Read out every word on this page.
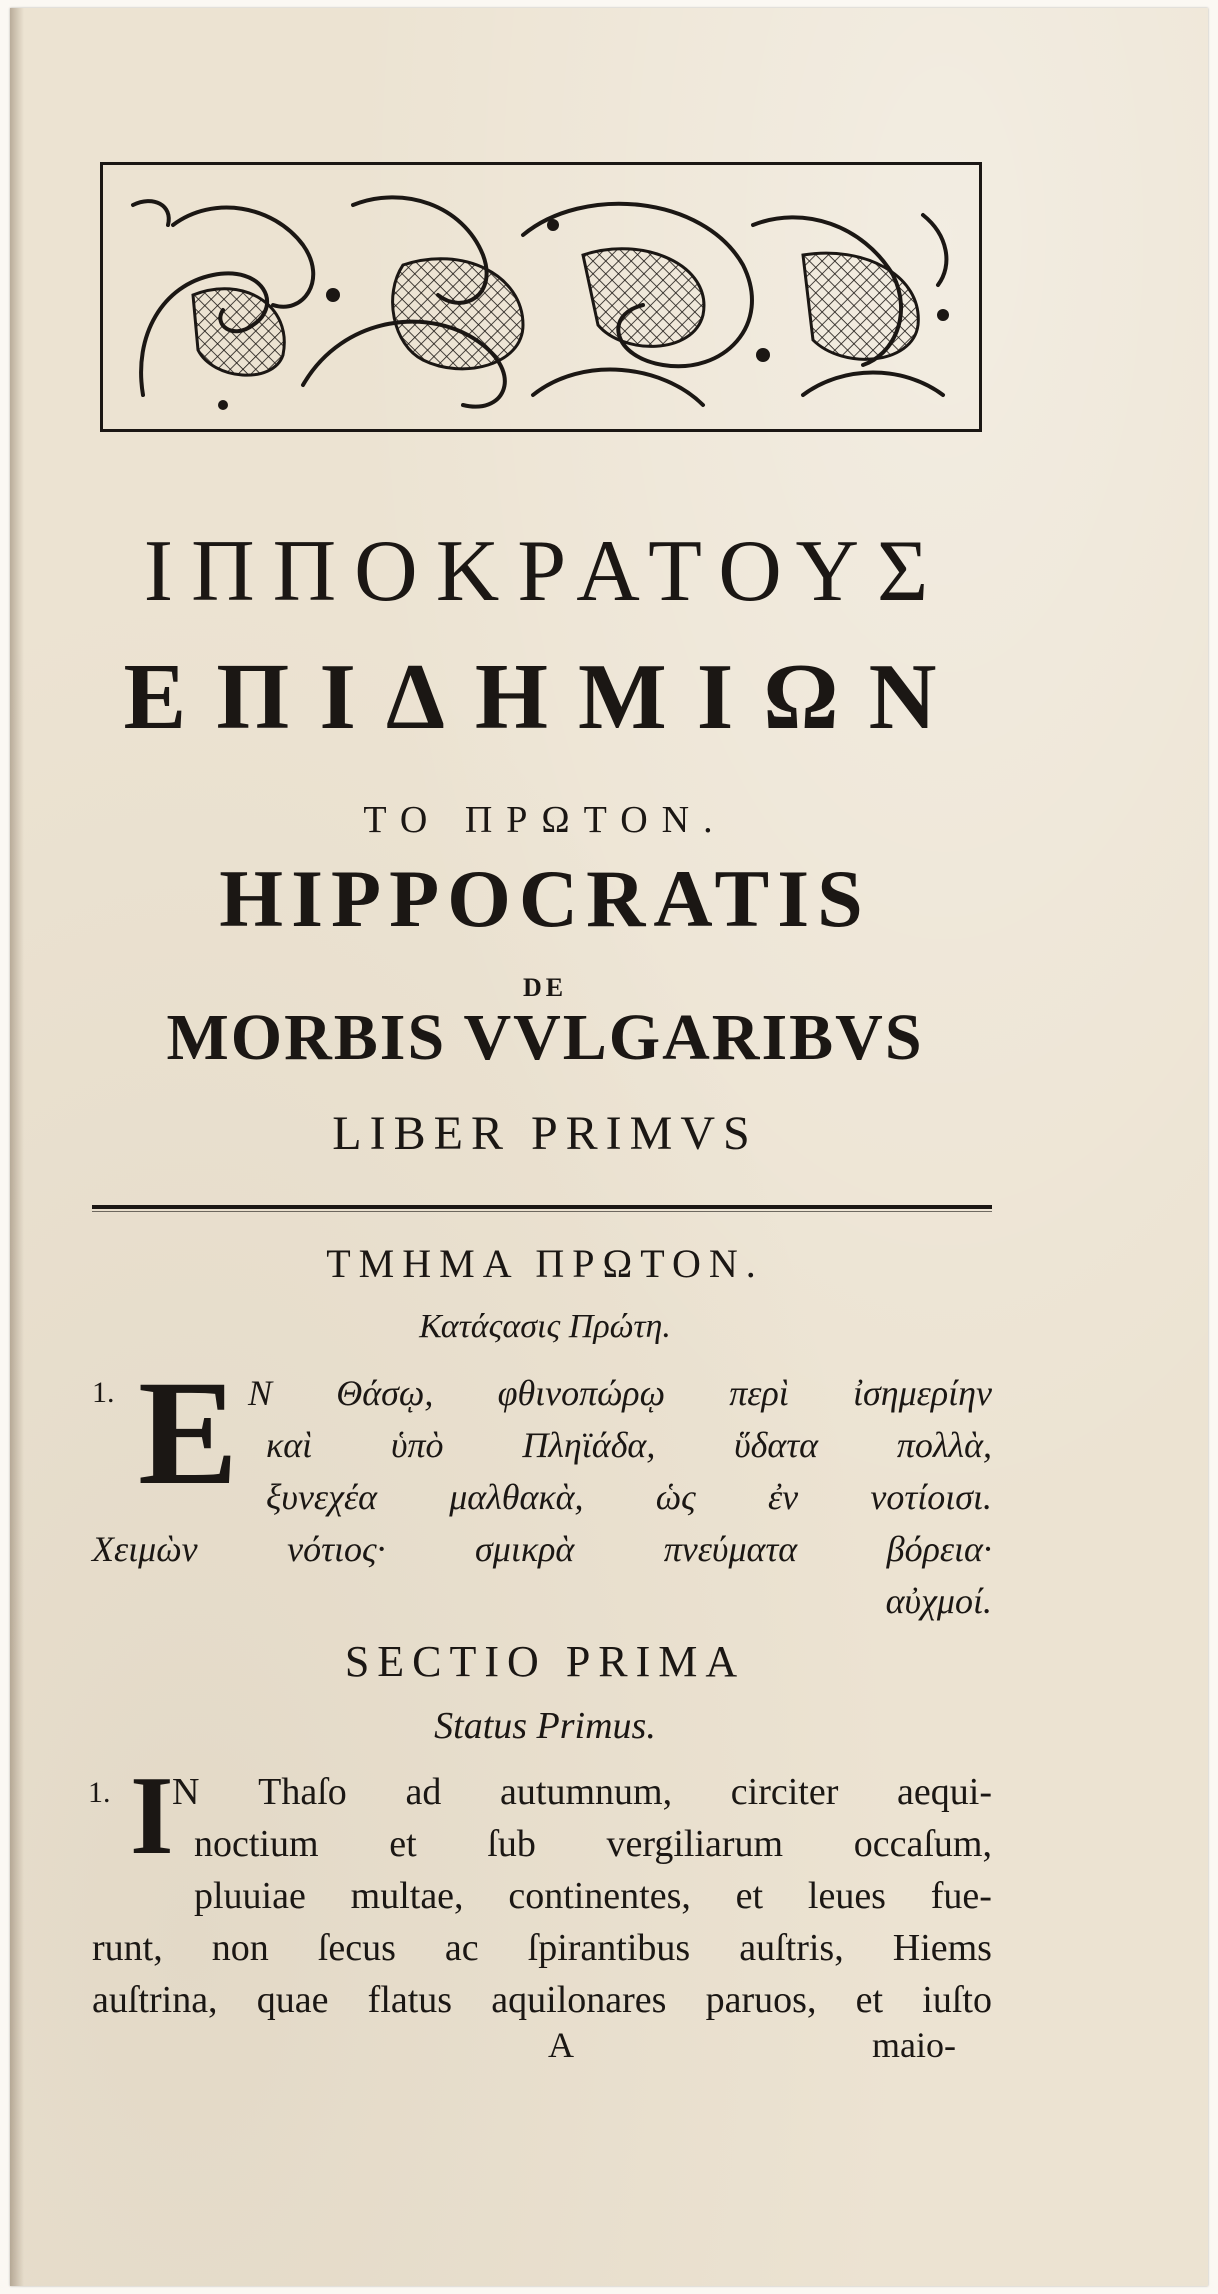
ΙΠΠΟΚΡΑΤΟΥΣ
ΕΠΙΔΗΜΙΩΝ
ΤΟ ΠΡΩΤΟΝ.
HIPPOCRATIS
DE
MORBIS VVLGARIBVS
LIBER PRIMVS
ΤΜΗΜΑ ΠΡΩΤΟΝ.
Κατάςασις Πρώτη.
1. E Ν Θάσῳ, φθινοπώρῳ περὶ ἰσημερίην
καὶ ὑπὸ Πληϊάδα, ὕδατα πολλὰ,
ξυνεχέα μαλθακὰ, ὡς ἐν νοτίοισι.
Χειμὼν νότιος· σμικρὰ πνεύματα βόρεια·
αὐχμοί.
SECTIO PRIMA
Status Primus.
1. I
N Thaſo ad autumnum, circiter aequi-
noctium et ſub vergiliarum occaſum,
pluuiae multae, continentes, et leues fue-
runt, non ſecus ac ſpirantibus auſtris, Hiems
auſtrina, quae flatus aquilonares paruos, et iuſto
A	maio-
